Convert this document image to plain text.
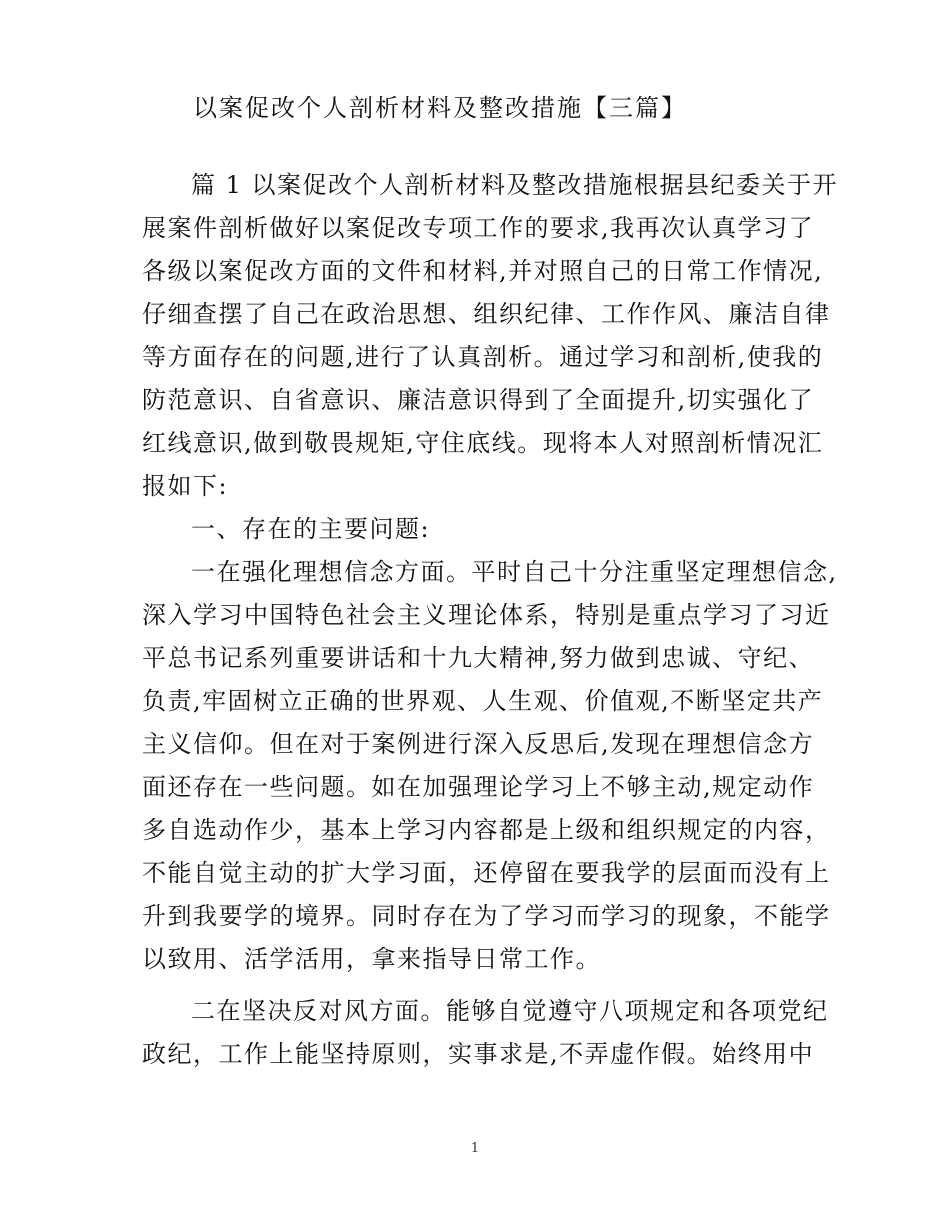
以案促改个人剖析材料及整改措施【三篇】
篇 1 以案促改个人剖析材料及整改措施根据县纪委关于开
展案件剖析做好以案促改专项工作的要求,我再次认真学习了
各级以案促改方面的文件和材料,并对照自己的日常工作情况,
仔细查摆了自己在政治思想、组织纪律、工作作风、廉洁自律
等方面存在的问题,进行了认真剖析。通过学习和剖析,使我的
防范意识、自省意识、廉洁意识得到了全面提升,切实强化了
红线意识,做到敬畏规矩,守住底线。现将本人对照剖析情况汇
报如下:
一、存在的主要问题:
一在强化理想信念方面。平时自己十分注重坚定理想信念,
深入学习中国特色社会主义理论体系，特别是重点学习了习近
平总书记系列重要讲话和十九大精神,努力做到忠诚、守纪、
负责,牢固树立正确的世界观、人生观、价值观,不断坚定共产
主义信仰。但在对于案例进行深入反思后,发现在理想信念方
面还存在一些问题。如在加强理论学习上不够主动,规定动作
多自选动作少，基本上学习内容都是上级和组织规定的内容，
不能自觉主动的扩大学习面，还停留在要我学的层面而没有上
升到我要学的境界。同时存在为了学习而学习的现象，不能学
以致用、活学活用，拿来指导日常工作。
二在坚决反对风方面。能够自觉遵守八项规定和各项党纪
政纪，工作上能坚持原则，实事求是,不弄虚作假。始终用中
1
